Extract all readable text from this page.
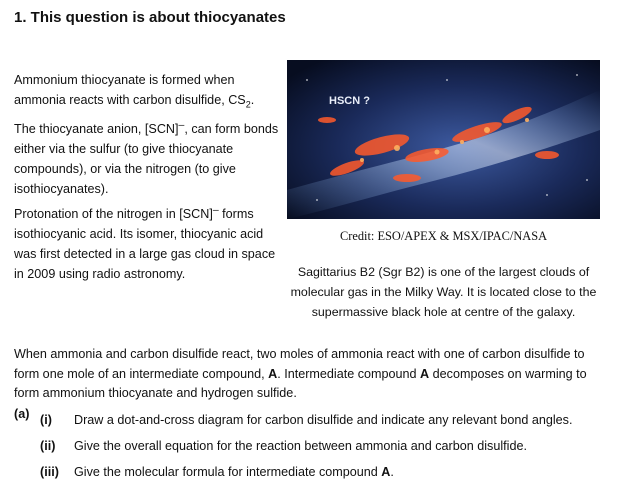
1. This question is about thiocyanates
Ammonium thiocyanate is formed when
ammonia reacts with carbon disulfide, $CS_2$.
The thiocyanate anion, [SCN]–, can form bonds either via the sulfur (to give thiocyanate compounds), or via the nitrogen (to give isothiocyanates).
Protonation of the nitrogen in [SCN]– forms isothiocyanic acid. Its isomer, thiocyanic acid was first detected in a large gas cloud in space in 2009 using radio astronomy.
HSCN ?
Credit: ESO/APEX & MSX/IPAC/NASA
Sagittarius B2 (Sgr B2) is one of the largest clouds of molecular gas in the Milky Way. It is located close to the supermassive black hole at centre of the galaxy.
When ammonia and carbon disulfide react, two moles of ammonia react with one of carbon disulfide to form one mole of an intermediate compound, A. Intermediate compound A decomposes on warming to form ammonium thiocyanate and hydrogen sulfide.
(a) (i) Draw a dot-and-cross diagram for carbon disulfide and indicate any relevant bond angles.
(ii) Give the overall equation for the reaction between ammonia and carbon disulfide.
(iii) Give the molecular formula for intermediate compound A.
